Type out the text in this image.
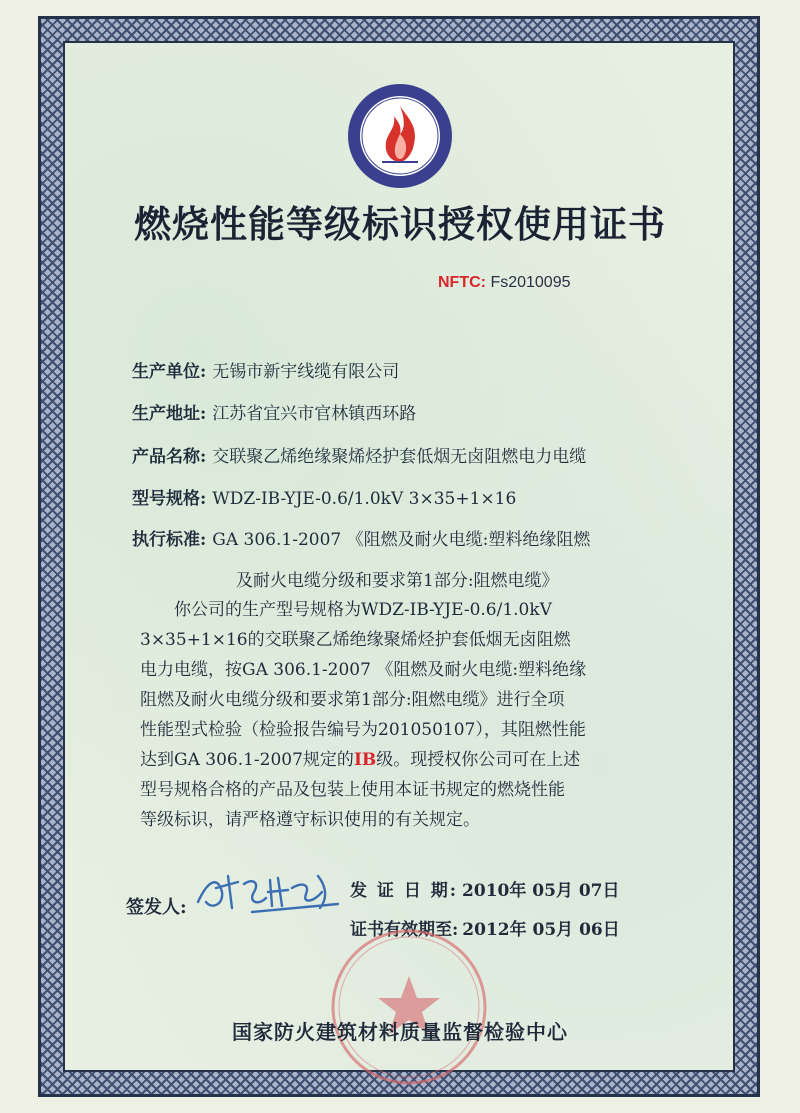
燃烧性能等级标识授权使用证书
NFTC: Fs2010095
生产单位: 无锡市新宇线缆有限公司
生产地址: 江苏省宜兴市官林镇西环路
产品名称: 交联聚乙烯绝缘聚烯烃护套低烟无卤阻燃电力电缆
型号规格: WDZ-IB-YJE-0.6/1.0kV 3×35+1×16
执行标准: GA 306.1-2007 《阻燃及耐火电缆:塑料绝缘阻燃
及耐火电缆分级和要求第1部分:阻燃电缆》
你公司的生产型号规格为WDZ-ⅠB-YJE-0.6/1.0kV
3×35+1×16的交联聚乙烯绝缘聚烯烃护套低烟无卤阻燃
电力电缆，按GA 306.1-2007 《阻燃及耐火电缆:塑料绝缘
阻燃及耐火电缆分级和要求第1部分:阻燃电缆》进行全项
性能型式检验（检验报告编号为201050107），其阻燃性能
达到GA 306.1-2007规定的ⅠB级。现授权你公司可在上述
型号规格合格的产品及包装上使用本证书规定的燃烧性能
等级标识，请严格遵守标识使用的有关规定。
签发人:
发 证 日 期: 2010年 05月 07日
证书有效期至: 2012年 05月 06日
国家防火建筑材料质量监督检验中心
